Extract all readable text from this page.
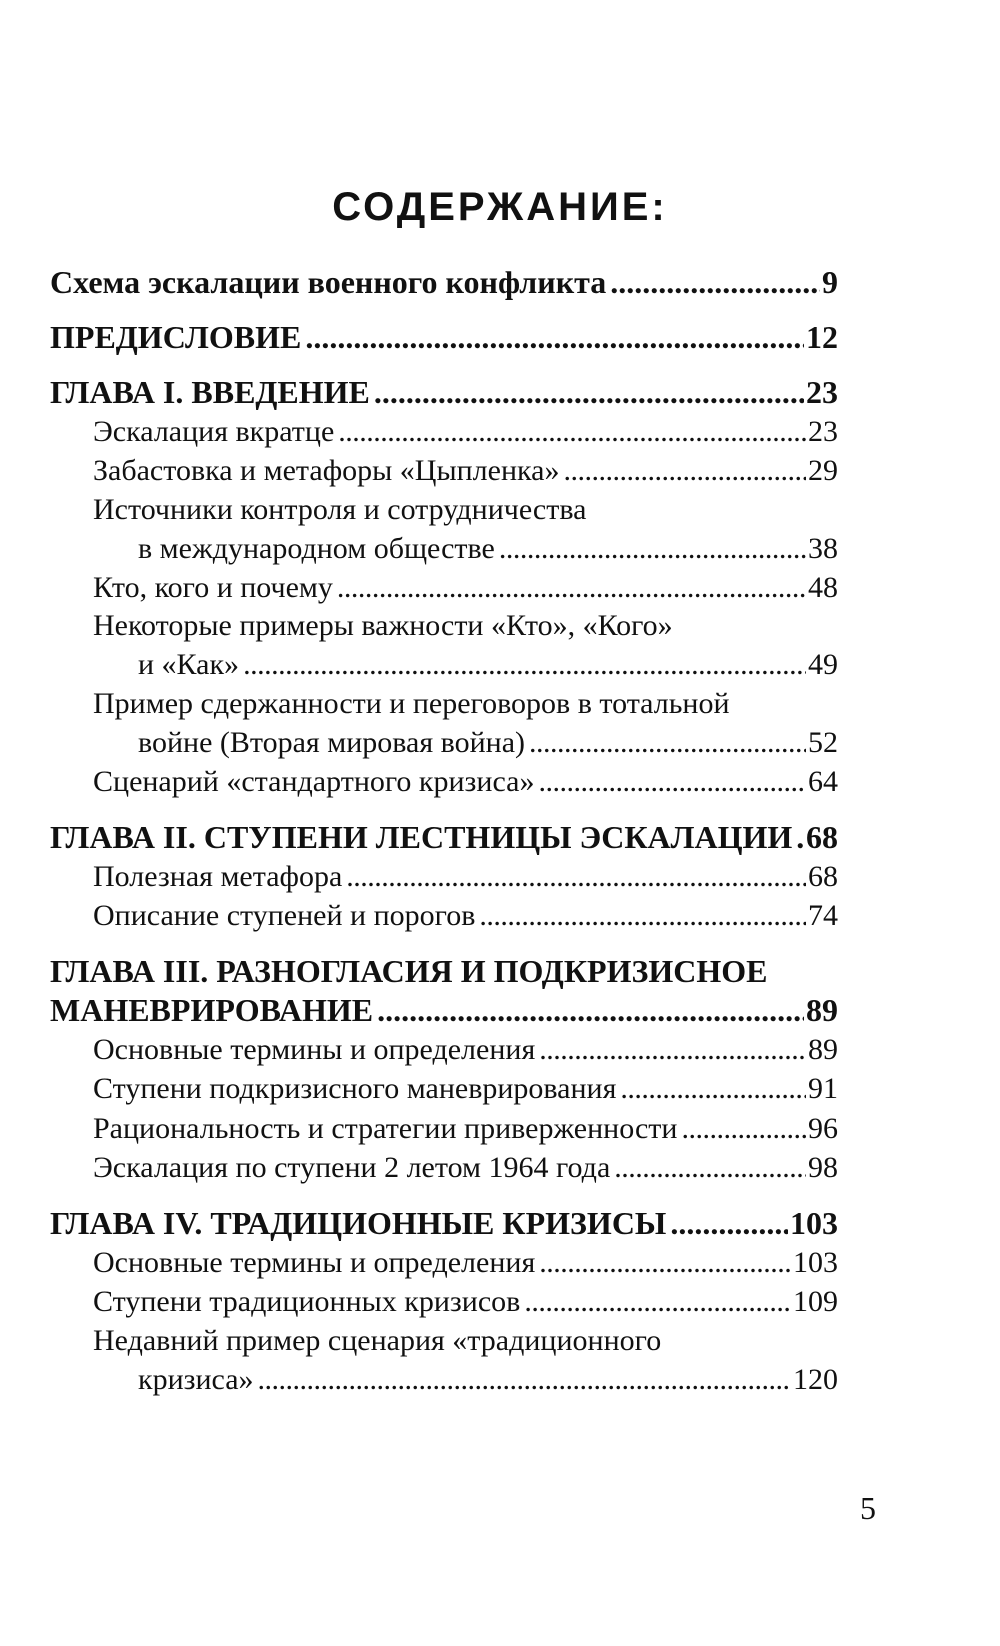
СОДЕРЖАНИЕ:
Схема эскалации военного конфликта . . .	9
ПРЕДИСЛОВИЕ . . .	12
ГЛАВА I. ВВЕДЕНИЕ . . .	23
Эскалация вкратце . . .	23
Забастовка и метафоры «Цыпленка» . . .	29
Источники контроля и сотрудничества
в международном обществе . . .	38
Кто, кого и почему . . .	48
Некоторые примеры важности «Кто», «Кого»
и «Как» . . .	49
Пример сдержанности и переговоров в тотальной
войне (Вторая мировая война) . . .	52
Сценарий «стандартного кризиса» . . .	64
ГЛАВА II. СТУПЕНИ ЛЕСТНИЦЫ ЭСКАЛАЦИИ . . . 68
Полезная метафора . . .	68
Описание ступеней и порогов . . .	74
ГЛАВА III. РАЗНОГЛАСИЯ И ПОДКРИЗИСНОЕ
МАНЕВРИРОВАНИЕ . . .	89
Основные термины и определения . . .	89
Ступени подкризисного маневрирования . . .	91
Рациональность и стратегии приверженности . . .	96
Эскалация по ступени 2 летом 1964 года . . .	98
ГЛАВА IV. ТРАДИЦИОННЫЕ КРИЗИСЫ . . .	103
Основные термины и определения . . .	103
Ступени традиционных кризисов . . .	109
Недавний пример сценария «традиционного
кризиса» . . .	120
5
